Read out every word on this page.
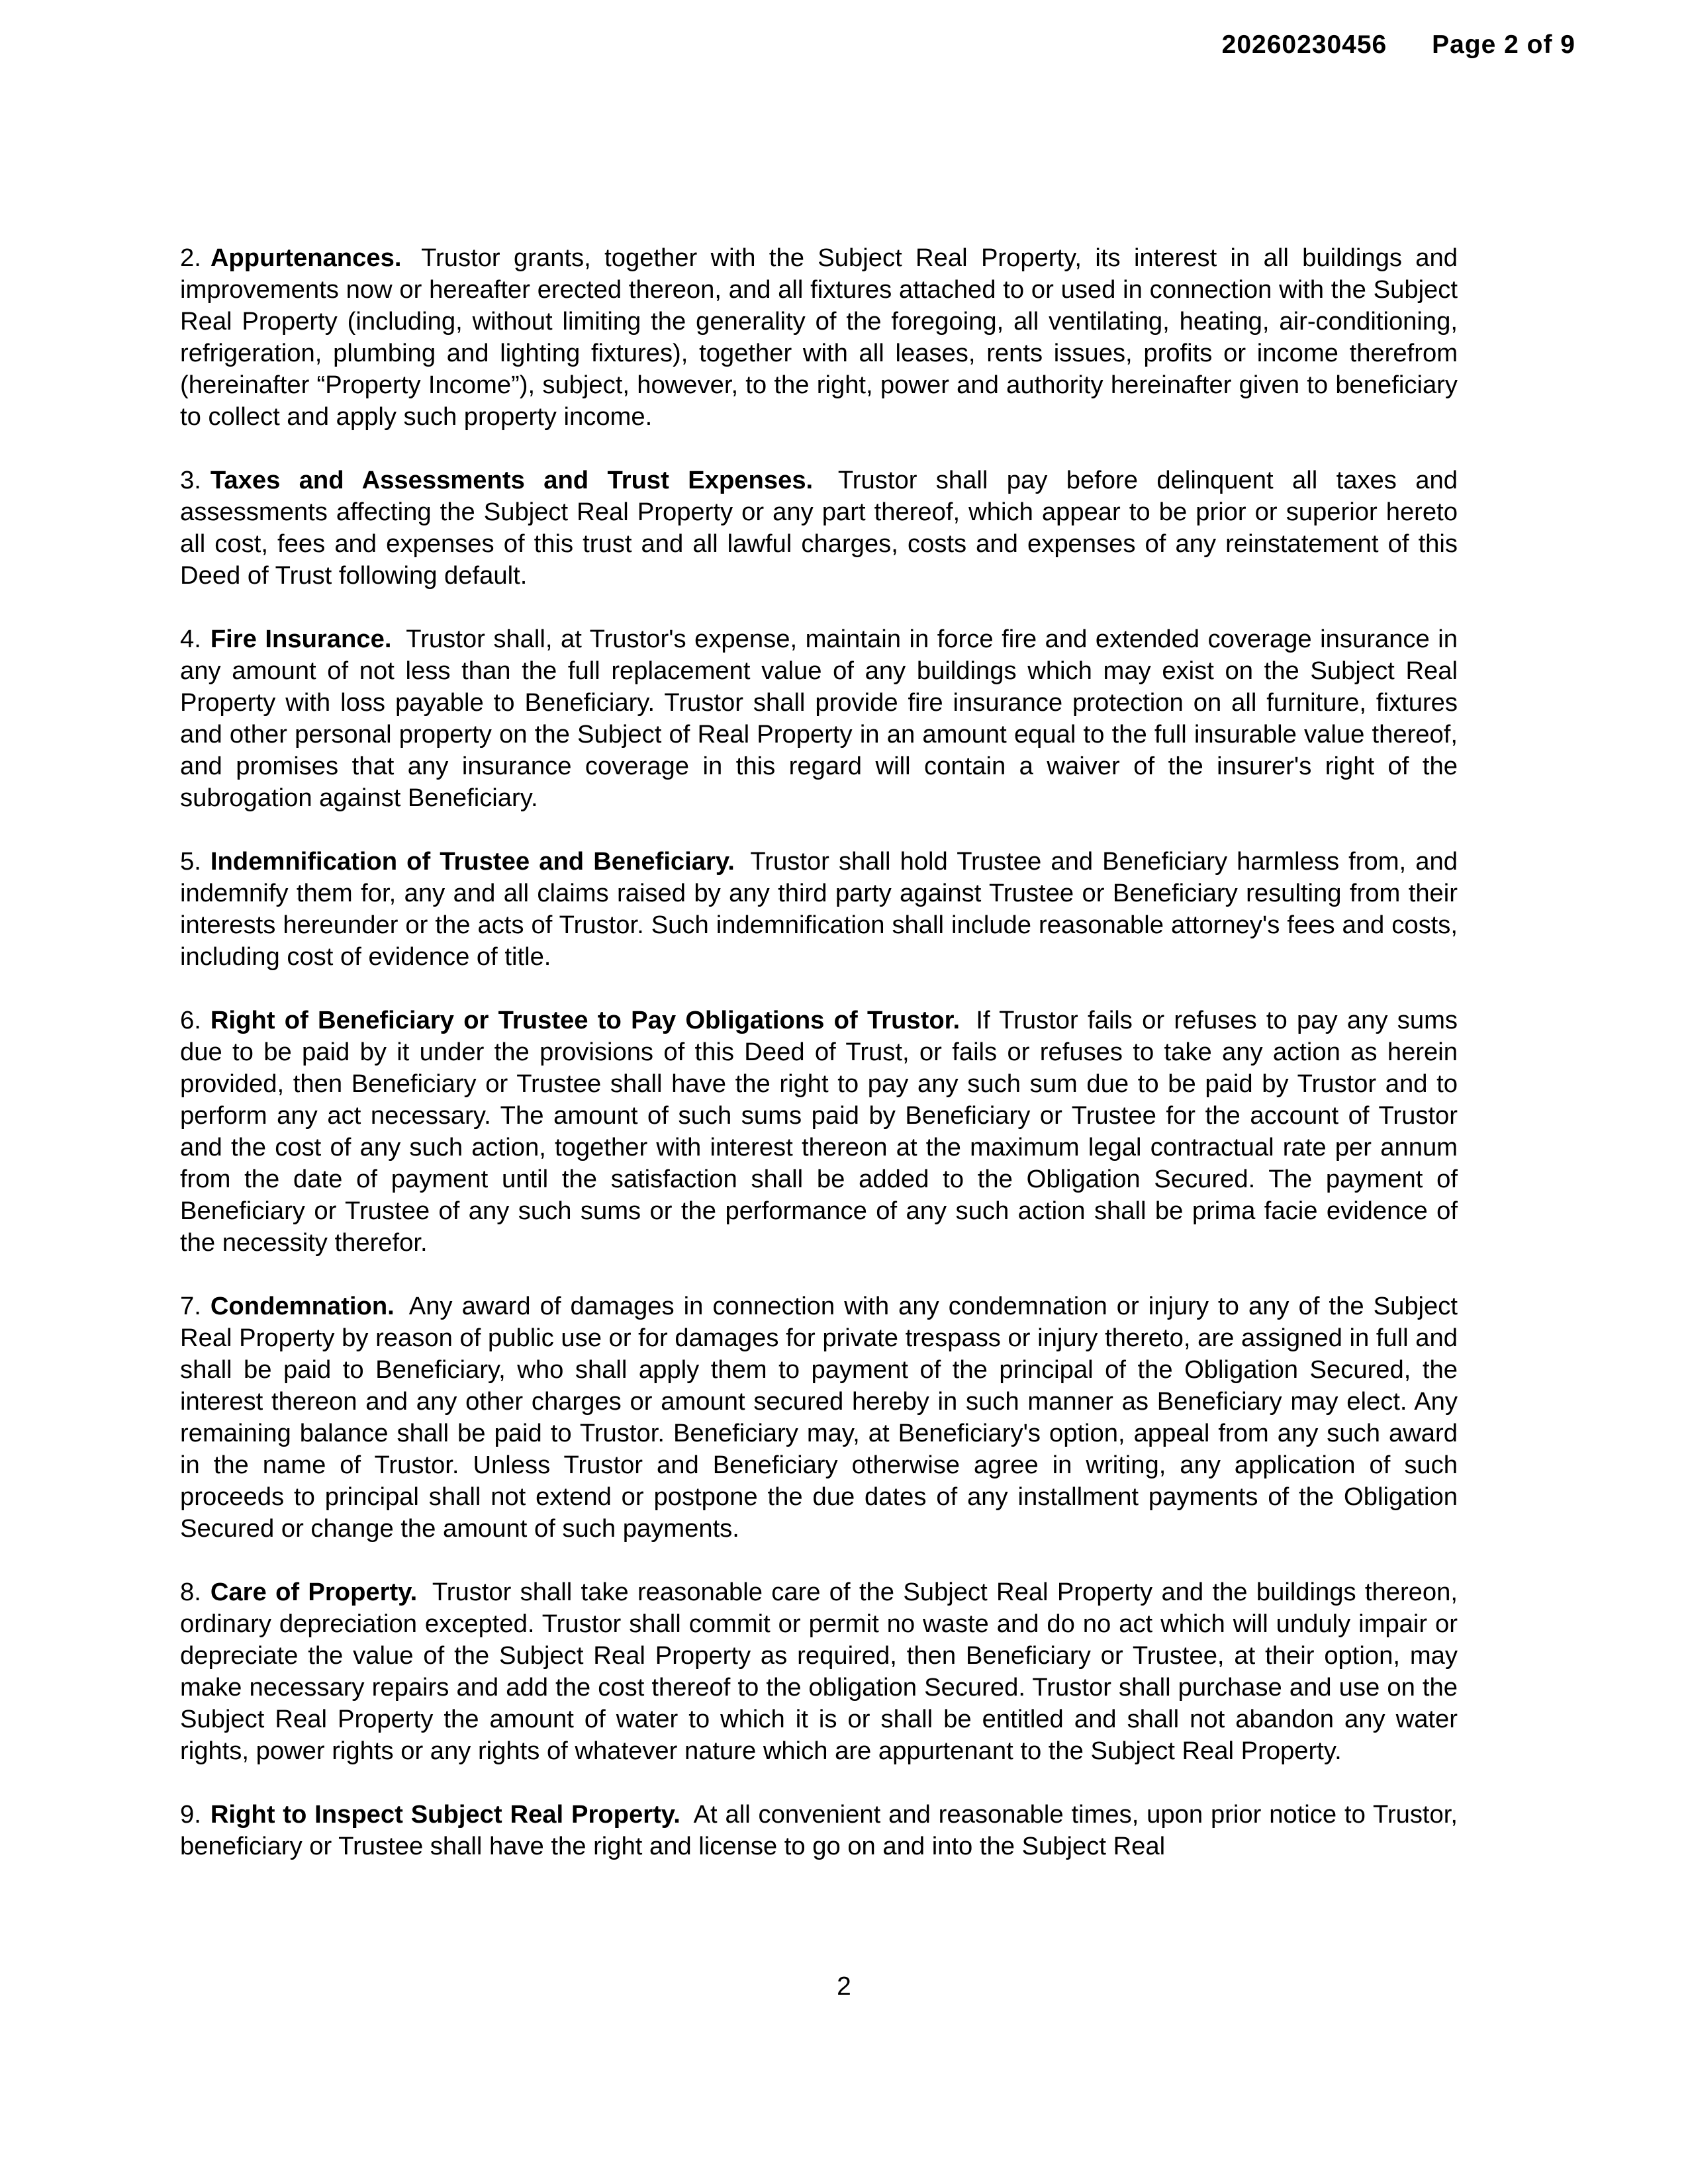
20260230456 Page 2 of 9

2. Appurtenances. Trustor grants, together with the Subject Real Property, its interest in all buildings and improvements now or hereafter erected thereon, and all fixtures attached to or used in connection with the Subject Real Property (including, without limiting the generality of the foregoing, all ventilating, heating, air-conditioning, refrigeration, plumbing and lighting fixtures), together with all leases, rents issues, profits or income therefrom (hereinafter “Property Income”), subject, however, to the right, power and authority hereinafter given to beneficiary to collect and apply such property income.

3. Taxes and Assessments and Trust Expenses. Trustor shall pay before delinquent all taxes and assessments affecting the Subject Real Property or any part thereof, which appear to be prior or superior hereto all cost, fees and expenses of this trust and all lawful charges, costs and expenses of any reinstatement of this Deed of Trust following default.

4. Fire Insurance. Trustor shall, at Trustor's expense, maintain in force fire and extended coverage insurance in any amount of not less than the full replacement value of any buildings which may exist on the Subject Real Property with loss payable to Beneficiary. Trustor shall provide fire insurance protection on all furniture, fixtures and other personal property on the Subject of Real Property in an amount equal to the full insurable value thereof, and promises that any insurance coverage in this regard will contain a waiver of the insurer's right of the subrogation against Beneficiary.

5. Indemnification of Trustee and Beneficiary. Trustor shall hold Trustee and Beneficiary harmless from, and indemnify them for, any and all claims raised by any third party against Trustee or Beneficiary resulting from their interests hereunder or the acts of Trustor. Such indemnification shall include reasonable attorney's fees and costs, including cost of evidence of title.

6. Right of Beneficiary or Trustee to Pay Obligations of Trustor. If Trustor fails or refuses to pay any sums due to be paid by it under the provisions of this Deed of Trust, or fails or refuses to take any action as herein provided, then Beneficiary or Trustee shall have the right to pay any such sum due to be paid by Trustor and to perform any act necessary. The amount of such sums paid by Beneficiary or Trustee for the account of Trustor and the cost of any such action, together with interest thereon at the maximum legal contractual rate per annum from the date of payment until the satisfaction shall be added to the Obligation Secured. The payment of Beneficiary or Trustee of any such sums or the performance of any such action shall be prima facie evidence of the necessity therefor.

7. Condemnation. Any award of damages in connection with any condemnation or injury to any of the Subject Real Property by reason of public use or for damages for private trespass or injury thereto, are assigned in full and shall be paid to Beneficiary, who shall apply them to payment of the principal of the Obligation Secured, the interest thereon and any other charges or amount secured hereby in such manner as Beneficiary may elect. Any remaining balance shall be paid to Trustor. Beneficiary may, at Beneficiary's option, appeal from any such award in the name of Trustor. Unless Trustor and Beneficiary otherwise agree in writing, any application of such proceeds to principal shall not extend or postpone the due dates of any installment payments of the Obligation Secured or change the amount of such payments.

8. Care of Property. Trustor shall take reasonable care of the Subject Real Property and the buildings thereon, ordinary depreciation excepted. Trustor shall commit or permit no waste and do no act which will unduly impair or depreciate the value of the Subject Real Property as required, then Beneficiary or Trustee, at their option, may make necessary repairs and add the cost thereof to the obligation Secured. Trustor shall purchase and use on the Subject Real Property the amount of water to which it is or shall be entitled and shall not abandon any water rights, power rights or any rights of whatever nature which are appurtenant to the Subject Real Property.

9. Right to Inspect Subject Real Property. At all convenient and reasonable times, upon prior notice to Trustor, beneficiary or Trustee shall have the right and license to go on and into the Subject Real

2
